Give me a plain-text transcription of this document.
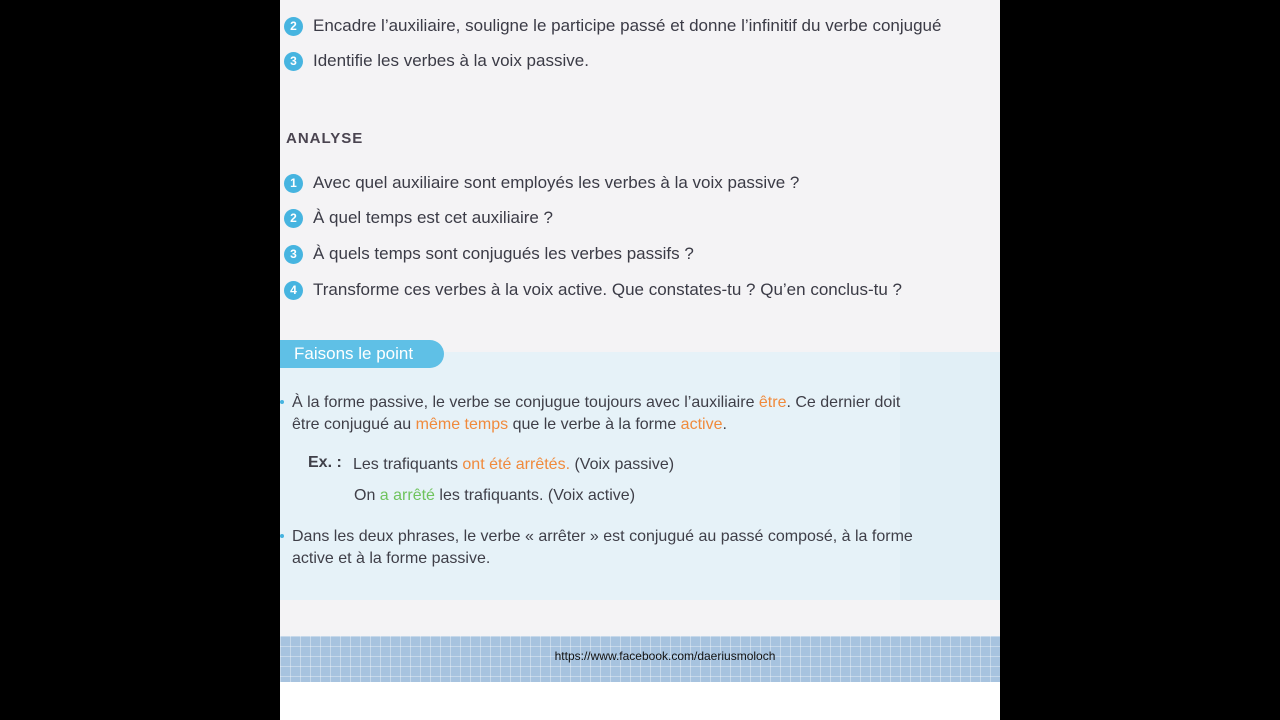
2 Encadre l’auxiliaire, souligne le participe passé et donne l’infinitif du verbe conjugué
3 Identifie les verbes à la voix passive.
ANALYSE
1 Avec quel auxiliaire sont employés les verbes à la voix passive ?
2 À quel temps est cet auxiliaire ?
3 À quels temps sont conjugués les verbes passifs ?
4 Transforme ces verbes à la voix active. Que constates-tu ? Qu’en conclus-tu ?
Faisons le point
À la forme passive, le verbe se conjugue toujours avec l’auxiliaire être. Ce dernier doit
être conjugué au même temps que le verbe à la forme active.
Ex. : Les trafiquants ont été arrêtés. (Voix passive)
On a arrêté les trafiquants. (Voix active)
Dans les deux phrases, le verbe « arrêter » est conjugué au passé composé, à la forme
active et à la forme passive.
https://www.facebook.com/daeriusmoloch
